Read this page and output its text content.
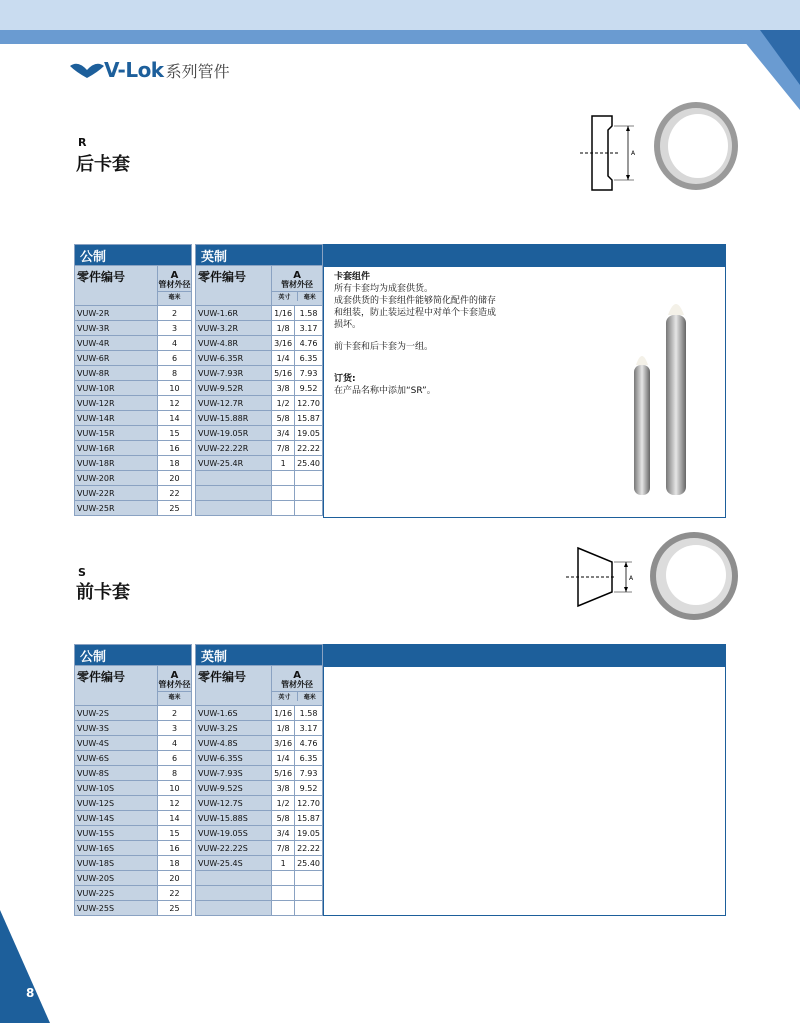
V-Lok 系列管件
R
后卡套
A
公制	
零件编号	A
管材外径
毫米

VUW-2R	2
VUW-3R	3
VUW-4R	4
VUW-6R	6
VUW-8R	8
VUW-10R	10
VUW-12R	12
VUW-14R	14
VUW-15R	15
VUW-16R	16
VUW-18R	18
VUW-20R	20
VUW-22R	22
VUW-25R	25
英制		
零件编号	A
管材外径
英寸 毫米	

VUW-1.6R	1/16	1.58
VUW-3.2R	1/8	3.17
VUW-4.8R	3/16	4.76
VUW-6.35R	1/4	6.35
VUW-7.93R	5/16	7.93
VUW-9.52R	3/8	9.52
VUW-12.7R	1/2	12.70
VUW-15.88R	5/8	15.87
VUW-19.05R	3/4	19.05
VUW-22.22R	7/8	22.22
VUW-25.4R	1	25.40

卡套组件
所有卡套均为成套供货。
成套供货的卡套组件能够简化配件的储存
和组装，防止装运过程中对单个卡套造成
损坏。
前卡套和后卡套为一组。
订货:
在产品名称中添加“SR”。
S
前卡套
A
公制	
零件编号	A
管材外径
毫米

VUW-2S	2
VUW-3S	3
VUW-4S	4
VUW-6S	6
VUW-8S	8
VUW-10S	10
VUW-12S	12
VUW-14S	14
VUW-15S	15
VUW-16S	16
VUW-18S	18
VUW-20S	20
VUW-22S	22
VUW-25S	25
英制		
零件编号	A
管材外径
英寸 毫米	

VUW-1.6S	1/16	1.58
VUW-3.2S	1/8	3.17
VUW-4.8S	3/16	4.76
VUW-6.35S	1/4	6.35
VUW-7.93S	5/16	7.93
VUW-9.52S	3/8	9.52
VUW-12.7S	1/2	12.70
VUW-15.88S	5/8	15.87
VUW-19.05S	3/4	19.05
VUW-22.22S	7/8	22.22
VUW-25.4S	1	25.40

8
